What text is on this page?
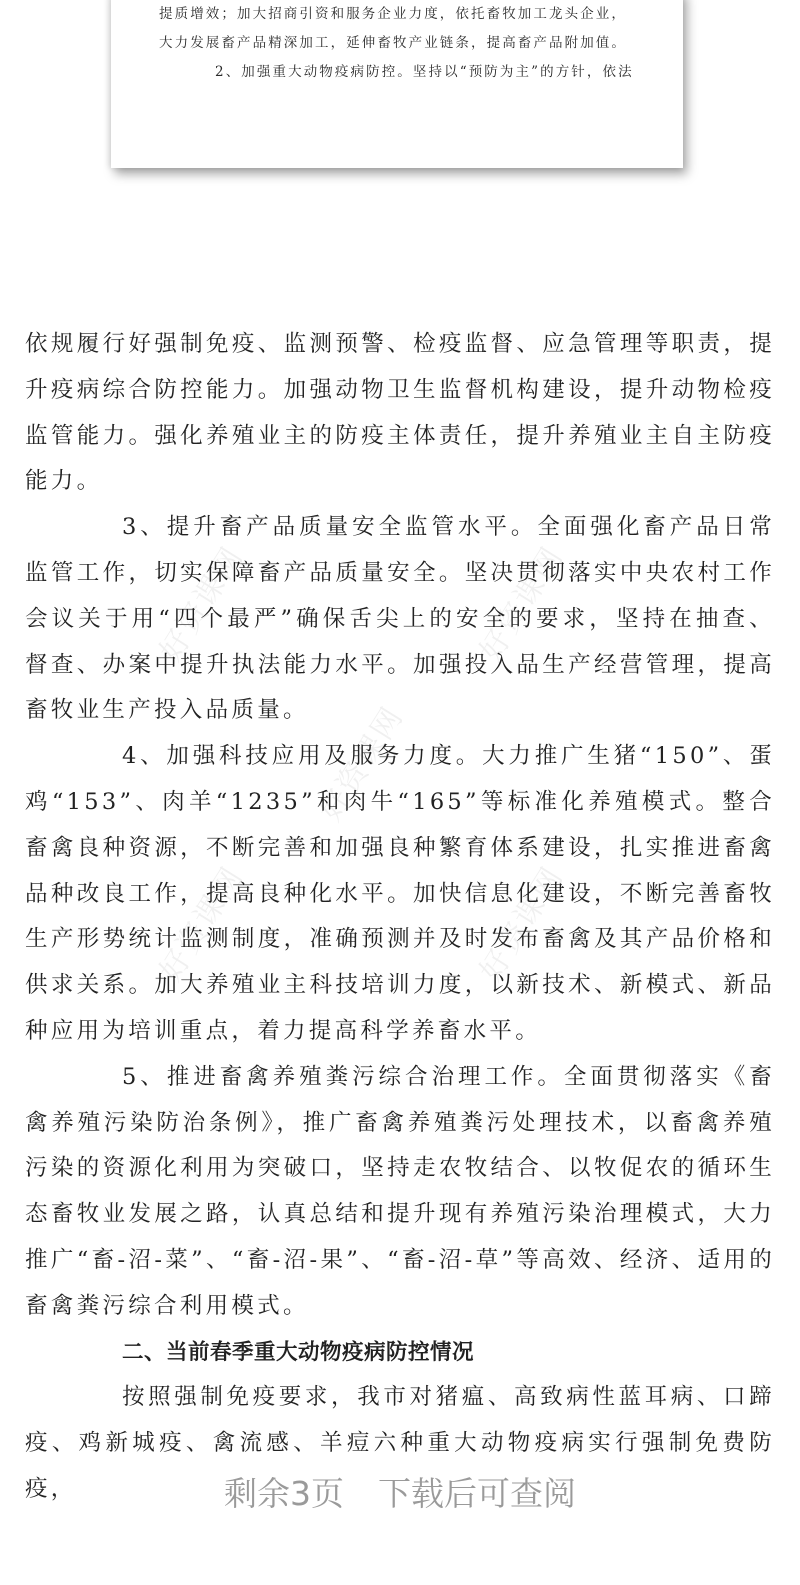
提质增效；加大招商引资和服务企业力度，依托畜牧加工龙头企业，
大力发展畜产品精深加工，延伸畜牧产业链条，提高畜产品附加值。
2、加强重大动物疫病防控。坚持以“预防为主”的方针，依法
好资课网	好资课网
好资课网
好资课网	好资课网

依规履行好强制免疫、监测预警、检疫监督、应急管理等职责，提升疫病综合防控能力。加强动物卫生监督机构建设，提升动物检疫监管能力。强化养殖业主的防疫主体责任，提升养殖业主自主防疫能力。

3、提升畜产品质量安全监管水平。全面强化畜产品日常监管工作，切实保障畜产品质量安全。坚决贯彻落实中央农村工作会议关于用“四个最严”确保舌尖上的安全的要求，坚持在抽查、督查、办案中提升执法能力水平。加强投入品生产经营管理，提高畜牧业生产投入品质量。

4、加强科技应用及服务力度。大力推广生猪“150”、蛋鸡“153”、肉羊“1235”和肉牛“165”等标准化养殖模式。整合畜禽良种资源，不断完善和加强良种繁育体系建设，扎实推进畜禽品种改良工作，提高良种化水平。加快信息化建设，不断完善畜牧生产形势统计监测制度，准确预测并及时发布畜禽及其产品价格和供求关系。加大养殖业主科技培训力度，以新技术、新模式、新品种应用为培训重点，着力提高科学养畜水平。

5、推进畜禽养殖粪污综合治理工作。全面贯彻落实《畜禽养殖污染防治条例》，推广畜禽养殖粪污处理技术，以畜禽养殖污染的资源化利用为突破口，坚持走农牧结合、以牧促农的循环生态畜牧业发展之路，认真总结和提升现有养殖污染治理模式，大力推广“畜-沼-菜”、“畜-沼-果”、“畜-沼-草”等高效、经济、适用的畜禽粪污综合利用模式。

二、当前春季重大动物疫病防控情况

按照强制免疫要求，我市对猪瘟、高致病性蓝耳病、口蹄疫、鸡新城疫、禽流感、羊痘六种重大动物疫病实行强制免费防疫，	剩余3页 下载后可查阅
